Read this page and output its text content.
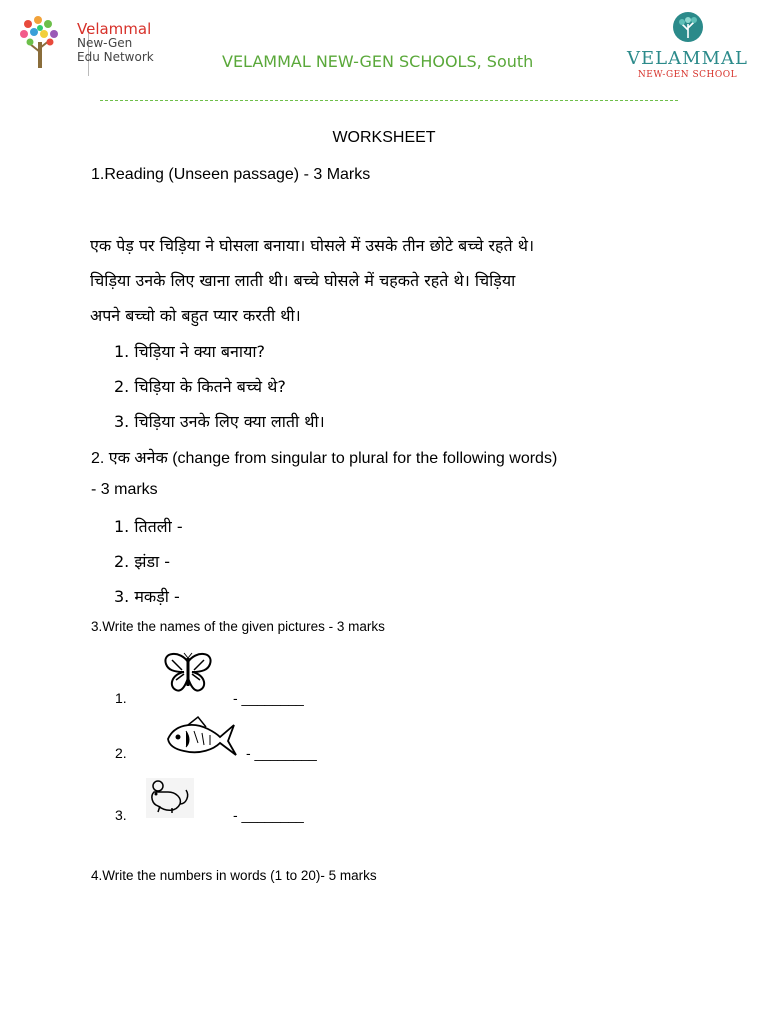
Velammal
New-Gen
Edu Network	VELAMMAL NEW-GEN SCHOOLS, South	VELAMMAL
NEW-GEN SCHOOL
WORKSHEET
1.Reading (Unseen passage) - 3 Marks
एक पेड़ पर चिड़िया ने घोसला बनाया। घोसले में उसके तीन छोटे बच्चे रहते थे।
चिड़िया उनके लिए खाना लाती थी। बच्चे घोसले में चहकते रहते थे। चिड़िया
अपने बच्चो को बहुत प्यार करती थी।
1. चिड़िया ने क्या बनाया?
2. चिड़िया के कितने बच्चे थे?
3. चिड़िया उनके लिए क्या लाती थी।
2. एक अनेक (change from singular to plural for the following words)
- 3 marks
1. तितली -
2. झंडा -
3. मकड़ी -
3.Write the names of the given pictures - 3 marks
1.	- ________
2.	- ________
3.	- ________
4.Write the numbers in words (1 to 20)- 5 marks
